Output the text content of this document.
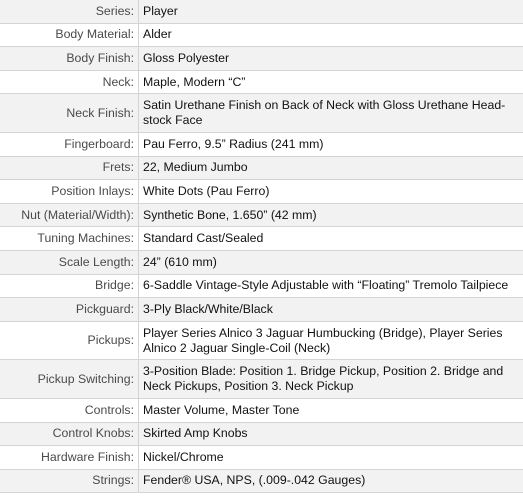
Series:	Player
Body Material:	Alder
Body Finish:	Gloss Polyester
Neck:	Maple, Modern “C”
Neck Finish:	Satin Urethane Finish on Back of Neck with Gloss Urethane Head-stock Face
Fingerboard:	Pau Ferro, 9.5” Radius (241 mm)
Frets:	22, Medium Jumbo
Position Inlays:	White Dots (Pau Ferro)
Nut (Material/Width):	Synthetic Bone, 1.650” (42 mm)
Tuning Machines:	Standard Cast/Sealed
Scale Length:	24” (610 mm)
Bridge:	6-Saddle Vintage-Style Adjustable with “Floating” Tremolo Tailpiece
Pickguard:	3-Ply Black/White/Black
Pickups:	Player Series Alnico 3 Jaguar Humbucking (Bridge), Player Series Alnico 2 Jaguar Single-Coil (Neck)
Pickup Switching:	3-Position Blade: Position 1. Bridge Pickup, Position 2. Bridge and Neck Pickups, Position 3. Neck Pickup
Controls:	Master Volume, Master Tone
Control Knobs:	Skirted Amp Knobs
Hardware Finish:	Nickel/Chrome
Strings:	Fender® USA, NPS, (.009-.042 Gauges)
